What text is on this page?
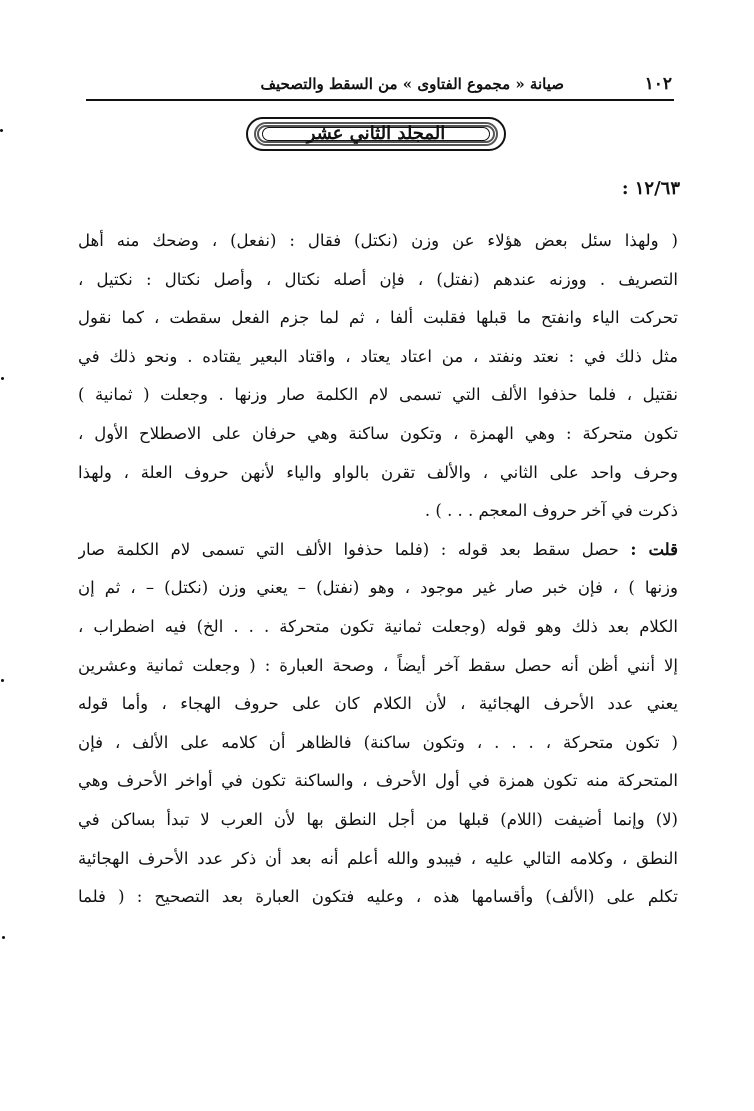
١٠٢
صيانة « مجموع الفتاوى » من السقط والتصحيف
المجلد الثاني عشر
١٢/٦٣ :
( ولهذا سئل بعض هؤلاء عن وزن (نكتل) فقال : (نفعل) ، وضحك منه أهل
التصريف . ووزنه عندهم (نفتل) ، فإن أصله نكتال ، وأصل نكتال : نكتيل ،
تحركت الياء وانفتح ما قبلها فقلبت ألفا ، ثم لما جزم الفعل سقطت ، كما نقول
مثل ذلك في : نعتد ونفتد ، من اعتاد يعتاد ، واقتاد البعير يقتاده . ونحو ذلك في
نقتيل ، فلما حذفوا الألف التي تسمى لام الكلمة صار وزنها . وجعلت ( ثمانية )
تكون متحركة : وهي الهمزة ، وتكون ساكنة وهي حرفان على الاصطلاح الأول ،
وحرف واحد على الثاني ، والألف تقرن بالواو والياء لأنهن حروف العلة ، ولهذا
ذكرت في آخر حروف المعجم . . . ) .
قلت : حصل سقط بعد قوله : (فلما حذفوا الألف التي تسمى لام الكلمة صار
وزنها ) ، فإن خبر صار غير موجود ، وهو (نفتل) – يعني وزن (نكتل) – ، ثم إن
الكلام بعد ذلك وهو قوله (وجعلت ثمانية تكون متحركة . . . الخ) فيه اضطراب ،
إلا أنني أظن أنه حصل سقط آخر أيضاً ، وصحة العبارة : ( وجعلت ثمانية وعشرين
يعني عدد الأحرف الهجائية ، لأن الكلام كان على حروف الهجاء ، وأما قوله
( تكون متحركة ، . . . ، وتكون ساكنة) فالظاهر أن كلامه على الألف ، فإن
المتحركة منه تكون همزة في أول الأحرف ، والساكنة تكون في أواخر الأحرف وهي
(لا) وإنما أضيفت (اللام) قبلها من أجل النطق بها لأن العرب لا تبدأ بساكن في
النطق ، وكلامه التالي عليه ، فيبدو والله أعلم أنه بعد أن ذكر عدد الأحرف الهجائية
تكلم على (الألف) وأقسامها هذه ، وعليه فتكون العبارة بعد التصحيح : ( فلما
